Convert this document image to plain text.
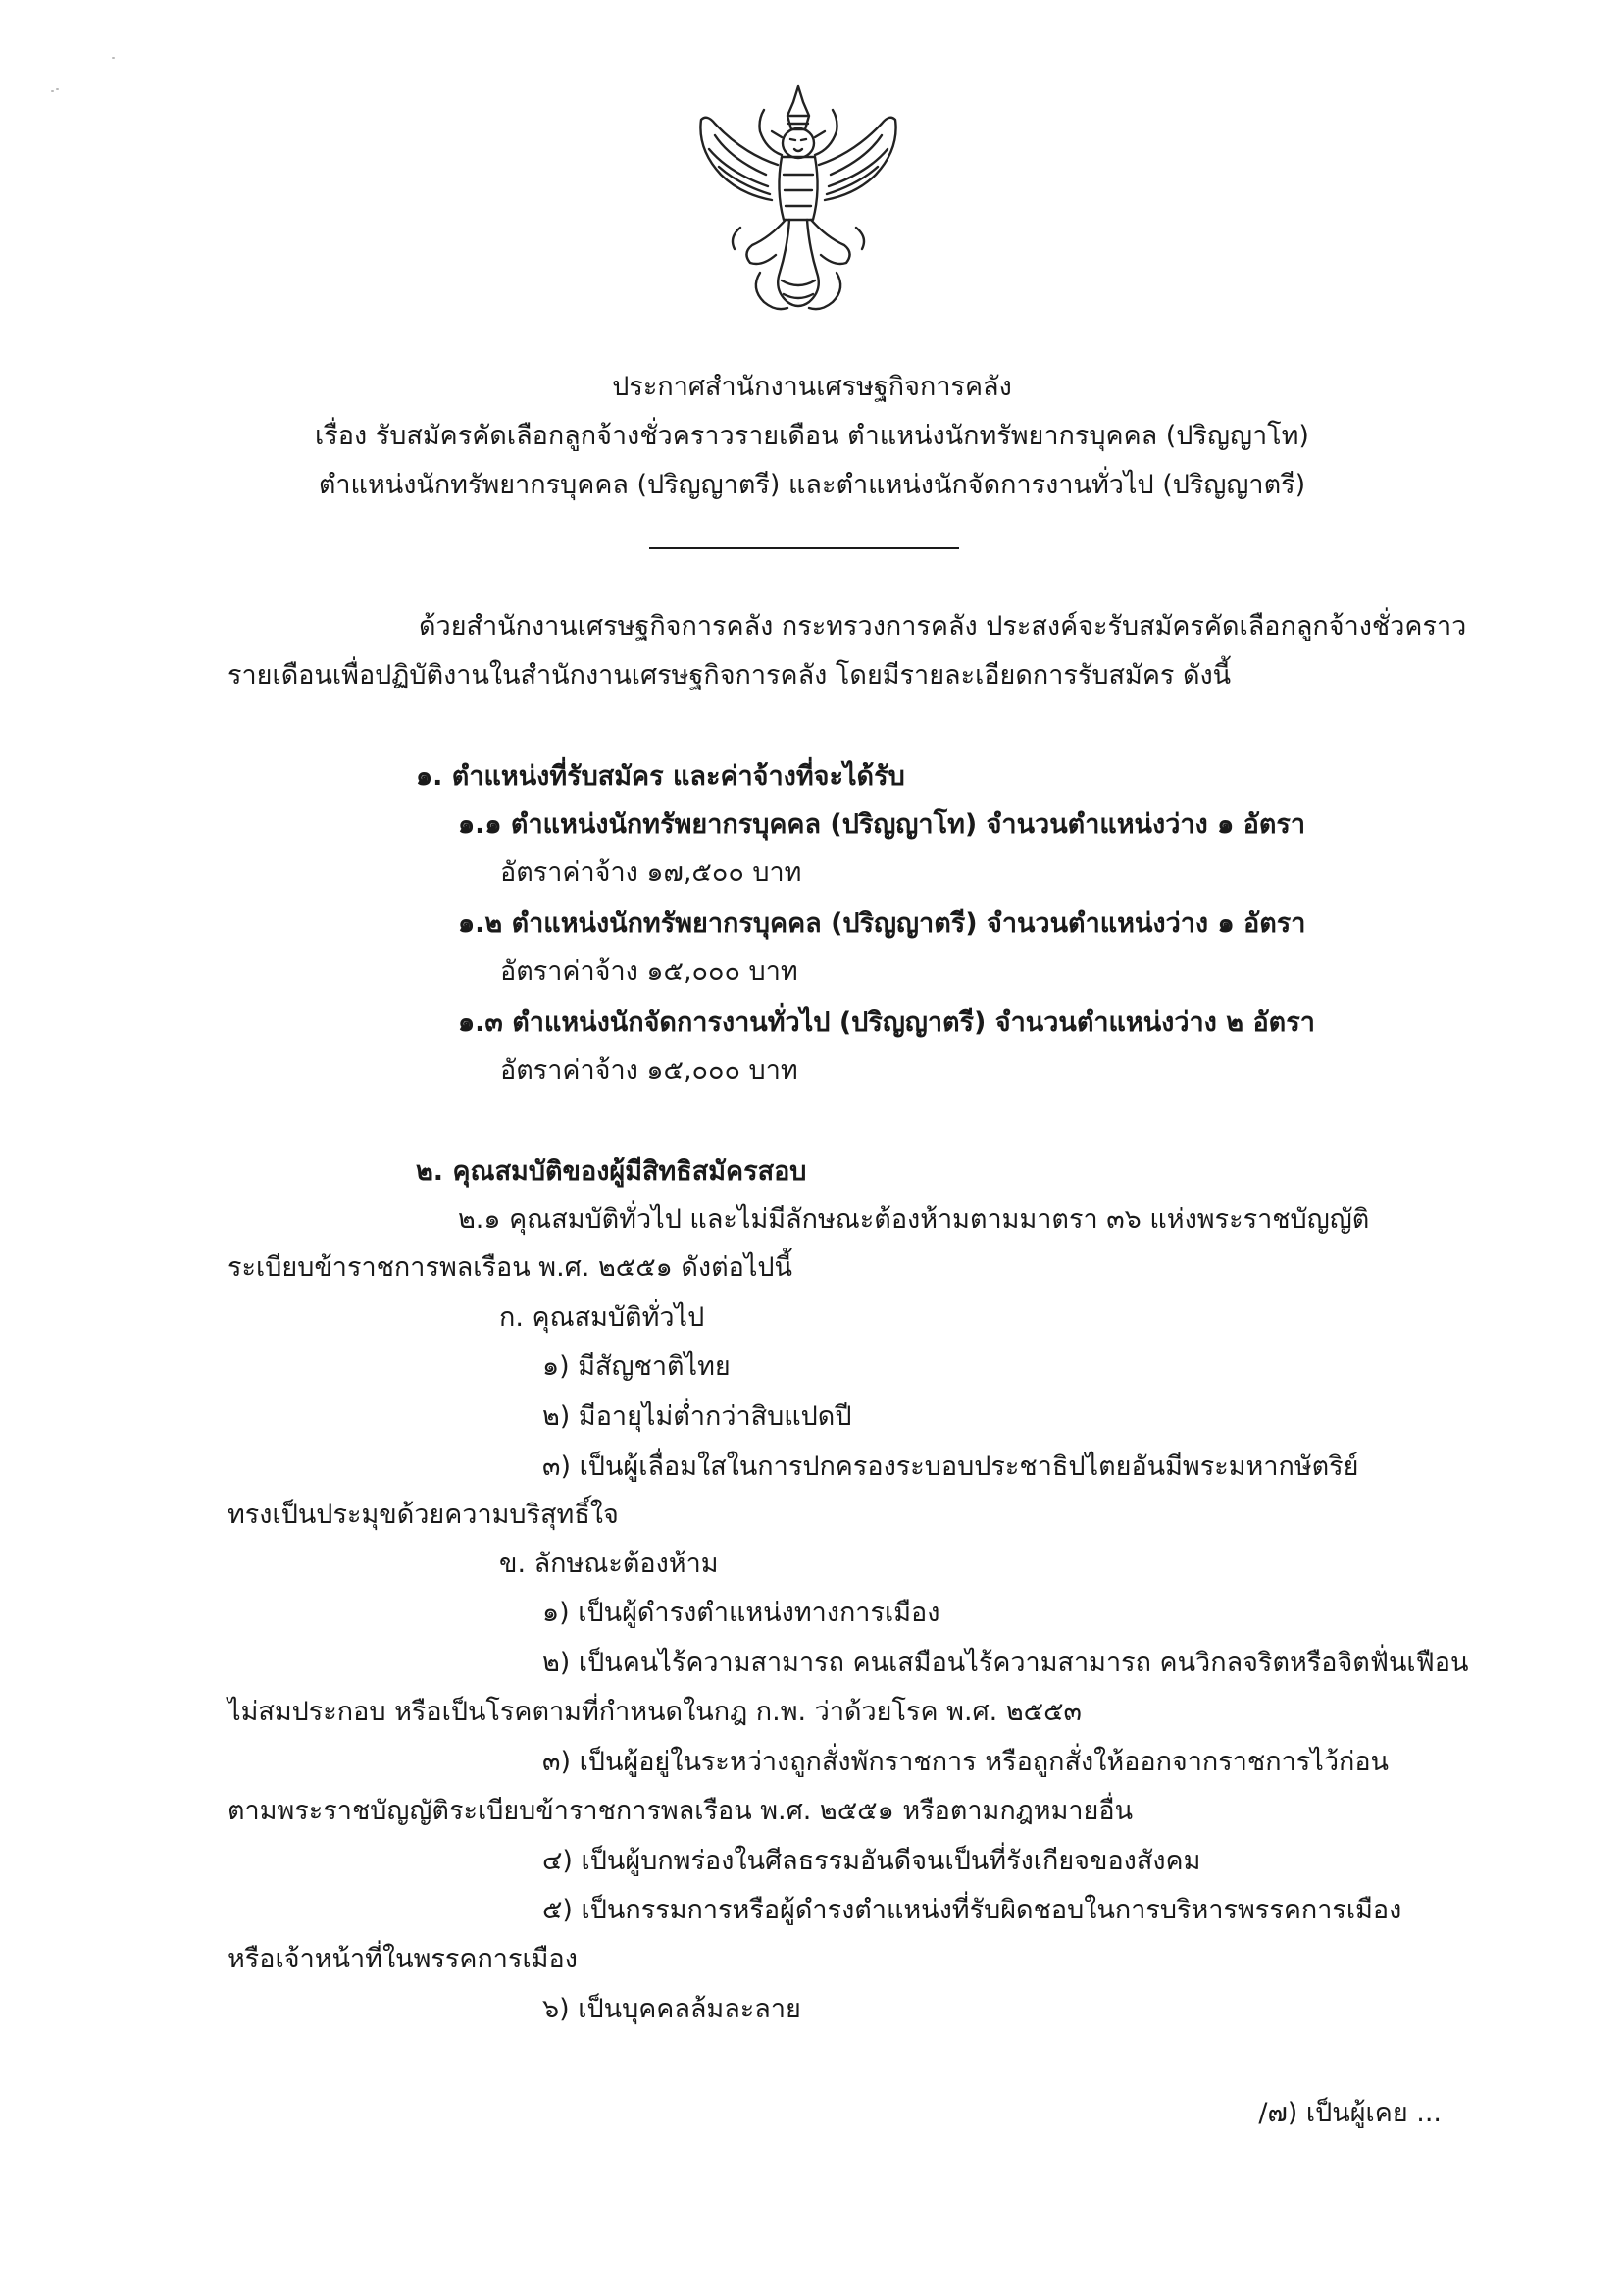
ประกาศสำนักงานเศรษฐกิจการคลัง
เรื่อง รับสมัครคัดเลือกลูกจ้างชั่วคราวรายเดือน ตำแหน่งนักทรัพยากรบุคคล (ปริญญาโท)
ตำแหน่งนักทรัพยากรบุคคล (ปริญญาตรี) และตำแหน่งนักจัดการงานทั่วไป (ปริญญาตรี)
ด้วยสำนักงานเศรษฐกิจการคลัง กระทรวงการคลัง ประสงค์จะรับสมัครคัดเลือกลูกจ้างชั่วคราว
รายเดือนเพื่อปฏิบัติงานในสำนักงานเศรษฐกิจการคลัง โดยมีรายละเอียดการรับสมัคร ดังนี้
๑. ตำแหน่งที่รับสมัคร และค่าจ้างที่จะได้รับ
๑.๑ ตำแหน่งนักทรัพยากรบุคคล (ปริญญาโท) จำนวนตำแหน่งว่าง ๑ อัตรา
อัตราค่าจ้าง ๑๗,๕๐๐ บาท
๑.๒ ตำแหน่งนักทรัพยากรบุคคล (ปริญญาตรี) จำนวนตำแหน่งว่าง ๑ อัตรา
อัตราค่าจ้าง ๑๕,๐๐๐ บาท
๑.๓ ตำแหน่งนักจัดการงานทั่วไป (ปริญญาตรี) จำนวนตำแหน่งว่าง ๒ อัตรา
อัตราค่าจ้าง ๑๕,๐๐๐ บาท
๒. คุณสมบัติของผู้มีสิทธิสมัครสอบ
๒.๑ คุณสมบัติทั่วไป และไม่มีลักษณะต้องห้ามตามมาตรา ๓๖ แห่งพระราชบัญญัติ
ระเบียบข้าราชการพลเรือน พ.ศ. ๒๕๕๑ ดังต่อไปนี้
ก. คุณสมบัติทั่วไป
๑) มีสัญชาติไทย
๒) มีอายุไม่ต่ำกว่าสิบแปดปี
๓) เป็นผู้เลื่อมใสในการปกครองระบอบประชาธิปไตยอันมีพระมหากษัตริย์
ทรงเป็นประมุขด้วยความบริสุทธิ์ใจ
ข. ลักษณะต้องห้าม
๑) เป็นผู้ดำรงตำแหน่งทางการเมือง
๒) เป็นคนไร้ความสามารถ คนเสมือนไร้ความสามารถ คนวิกลจริตหรือจิตฟั่นเฟือน
ไม่สมประกอบ หรือเป็นโรคตามที่กำหนดในกฎ ก.พ. ว่าด้วยโรค พ.ศ. ๒๕๕๓
๓) เป็นผู้อยู่ในระหว่างถูกสั่งพักราชการ หรือถูกสั่งให้ออกจากราชการไว้ก่อน
ตามพระราชบัญญัติระเบียบข้าราชการพลเรือน พ.ศ. ๒๕๕๑ หรือตามกฎหมายอื่น
๔) เป็นผู้บกพร่องในศีลธรรมอันดีจนเป็นที่รังเกียจของสังคม
๕) เป็นกรรมการหรือผู้ดำรงตำแหน่งที่รับผิดชอบในการบริหารพรรคการเมือง
หรือเจ้าหน้าที่ในพรรคการเมือง
๖) เป็นบุคคลล้มละลาย
/๗) เป็นผู้เคย ...
